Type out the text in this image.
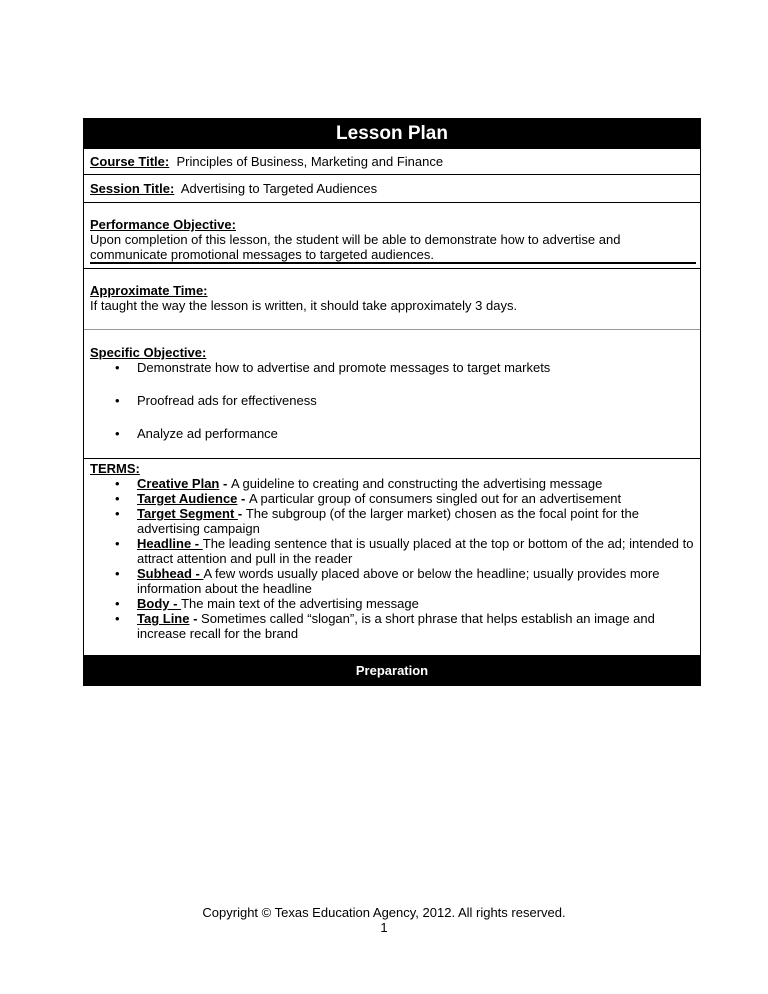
Lesson Plan
Course Title: Principles of Business, Marketing and Finance
Session Title: Advertising to Targeted Audiences
Performance Objective:
Upon completion of this lesson, the student will be able to demonstrate how to advertise and communicate promotional messages to targeted audiences.
Approximate Time:
If taught the way the lesson is written, it should take approximately 3 days.
Specific Objective:
• Demonstrate how to advertise and promote messages to target markets
• Proofread ads for effectiveness
• Analyze ad performance
TERMS:
• Creative Plan - A guideline to creating and constructing the advertising message
• Target Audience - A particular group of consumers singled out for an advertisement
• Target Segment - The subgroup (of the larger market) chosen as the focal point for the advertising campaign
• Headline - The leading sentence that is usually placed at the top or bottom of the ad; intended to attract attention and pull in the reader
• Subhead - A few words usually placed above or below the headline; usually provides more information about the headline
• Body - The main text of the advertising message
• Tag Line - Sometimes called “slogan”, is a short phrase that helps establish an image and increase recall for the brand
Preparation
Copyright © Texas Education Agency, 2012. All rights reserved.
1
